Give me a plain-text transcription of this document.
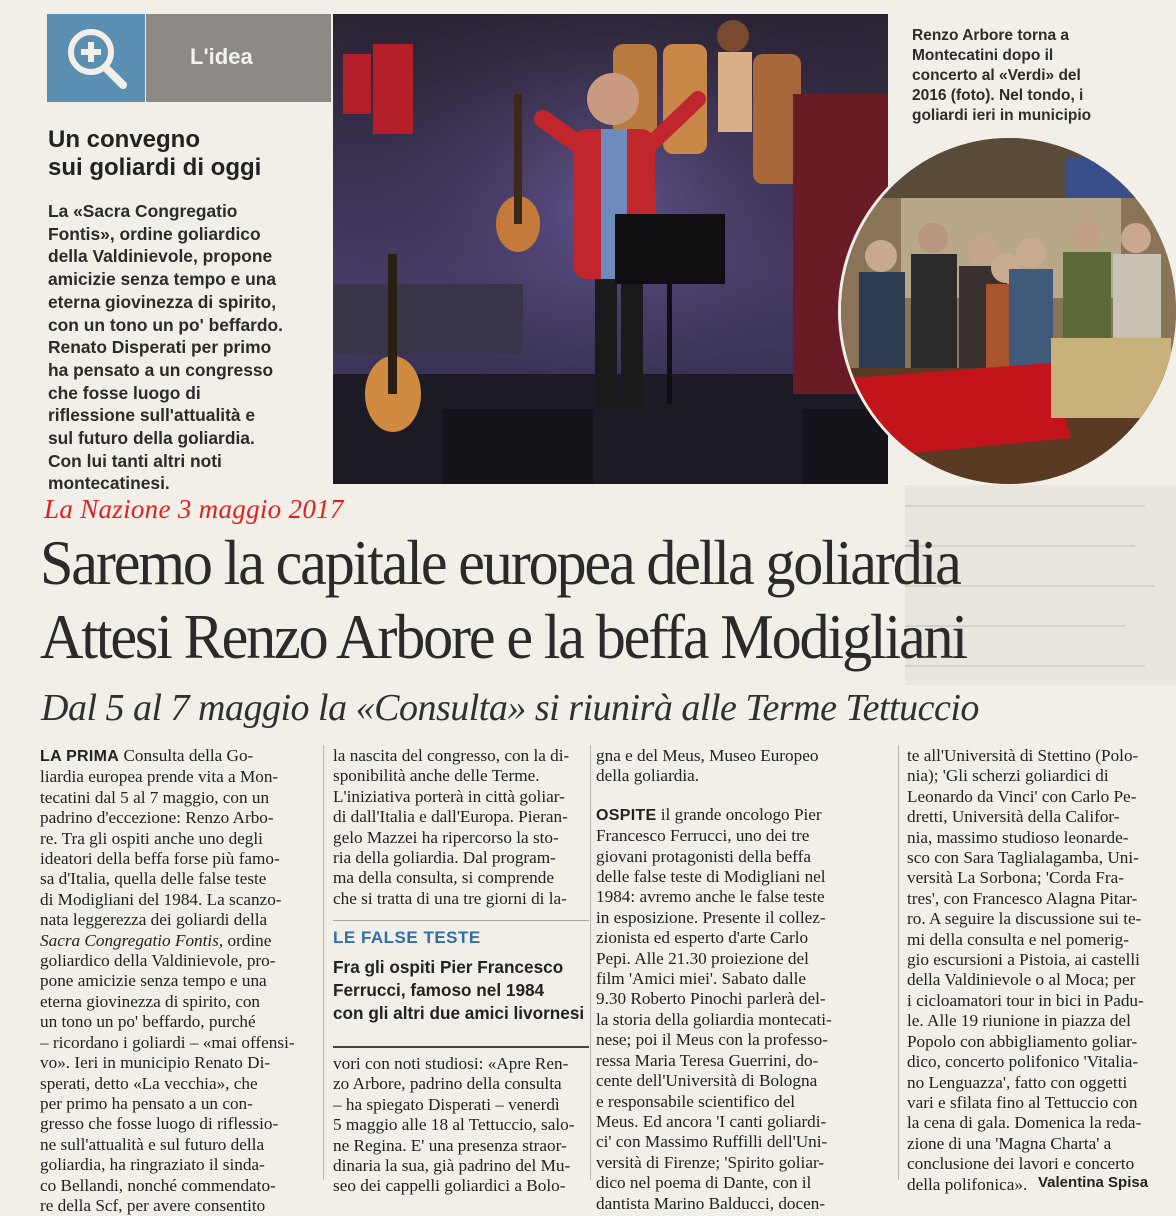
L'idea
Un convegno
sui goliardi di oggi
La «Sacra Congregatio
Fontis», ordine goliardico
della Valdinievole, propone
amicizie senza tempo e una
eterna giovinezza di spirito,
con un tono un po' beffardo.
Renato Disperati per primo
ha pensato a un congresso
che fosse luogo di
riflessione sull'attualità e
sul futuro della goliardia.
Con lui tanti altri noti
montecatinesi.
Renzo Arbore torna a
Montecatini dopo il
concerto al «Verdi» del
2016 (foto). Nel tondo, i
goliardi ieri in municipio
La Nazione 3 maggio 2017
Saremo la capitale europea della goliardia
Attesi Renzo Arbore e la beffa Modigliani
Dal 5 al 7 maggio la «Consulta» si riunirà alle Terme Tettuccio
LA PRIMA Consulta della Go-
liardia europea prende vita a Mon-
tecatini dal 5 al 7 maggio, con un
padrino d'eccezione: Renzo Arbo-
re. Tra gli ospiti anche uno degli
ideatori della beffa forse più famo-
sa d'Italia, quella delle false teste
di Modigliani del 1984. La scanzo-
nata leggerezza dei goliardi della
Sacra Congregatio Fontis, ordine
goliardico della Valdinievole, pro-
pone amicizie senza tempo e una
eterna giovinezza di spirito, con
un tono un po' beffardo, purché
– ricordano i goliardi – «mai offensi-
vo». Ieri in municipio Renato Di-
sperati, detto «La vecchia», che
per primo ha pensato a un con-
gresso che fosse luogo di riflessio-
ne sull'attualità e sul futuro della
goliardia, ha ringraziato il sinda-
co Bellandi, nonché commendato-
re della Scf, per avere consentito
la nascita del congresso, con la di-
sponibilità anche delle Terme.
L'iniziativa porterà in città goliar-
di dall'Italia e dall'Europa. Pieran-
gelo Mazzei ha ripercorso la sto-
ria della goliardia. Dal program-
ma della consulta, si comprende
che si tratta di una tre giorni di la-
LE FALSE TESTE
Fra gli ospiti Pier Francesco
Ferrucci, famoso nel 1984
con gli altri due amici livornesi
vori con noti studiosi: «Apre Ren-
zo Arbore, padrino della consulta
– ha spiegato Disperati – venerdì
5 maggio alle 18 al Tettuccio, salo-
ne Regina. E' una presenza straor-
dinaria la sua, già padrino del Mu-
seo dei cappelli goliardici a Bolo-
gna e del Meus, Museo Europeo
della goliardia.
OSPITE il grande oncologo Pier
Francesco Ferrucci, uno dei tre
giovani protagonisti della beffa
delle false teste di Modigliani nel
1984: avremo anche le false teste
in esposizione. Presente il collez-
zionista ed esperto d'arte Carlo
Pepi. Alle 21.30 proiezione del
film 'Amici miei'. Sabato dalle
9.30 Roberto Pinochi parlerà del-
la storia della goliardia montecati-
nese; poi il Meus con la professo-
ressa Maria Teresa Guerrini, do-
cente dell'Università di Bologna
e responsabile scientifico del
Meus. Ed ancora 'I canti goliardi-
ci' con Massimo Ruffilli dell'Uni-
versità di Firenze; 'Spirito goliar-
dico nel poema di Dante, con il
dantista Marino Balducci, docen-
te all'Università di Stettino (Polo-
nia); 'Gli scherzi goliardici di
Leonardo da Vinci' con Carlo Pe-
dretti, Università della Califor-
nia, massimo studioso leonarde-
sco con Sara Taglialagamba, Uni-
versità La Sorbona; 'Corda Fra-
tres', con Francesco Alagna Pitar-
ro. A seguire la discussione sui te-
mi della consulta e nel pomerig-
gio escursioni a Pistoia, ai castelli
della Valdinievole o al Moca; per
i cicloamatori tour in bici in Padu-
le. Alle 19 riunione in piazza del
Popolo con abbigliamento goliar-
dico, concerto polifonico 'Vitalia-
no Lenguazza', fatto con oggetti
vari e sfilata fino al Tettuccio con
la cena di gala. Domenica la reda-
zione di una 'Magna Charta' a
conclusione dei lavori e concerto
della polifonica». Valentina Spisa
